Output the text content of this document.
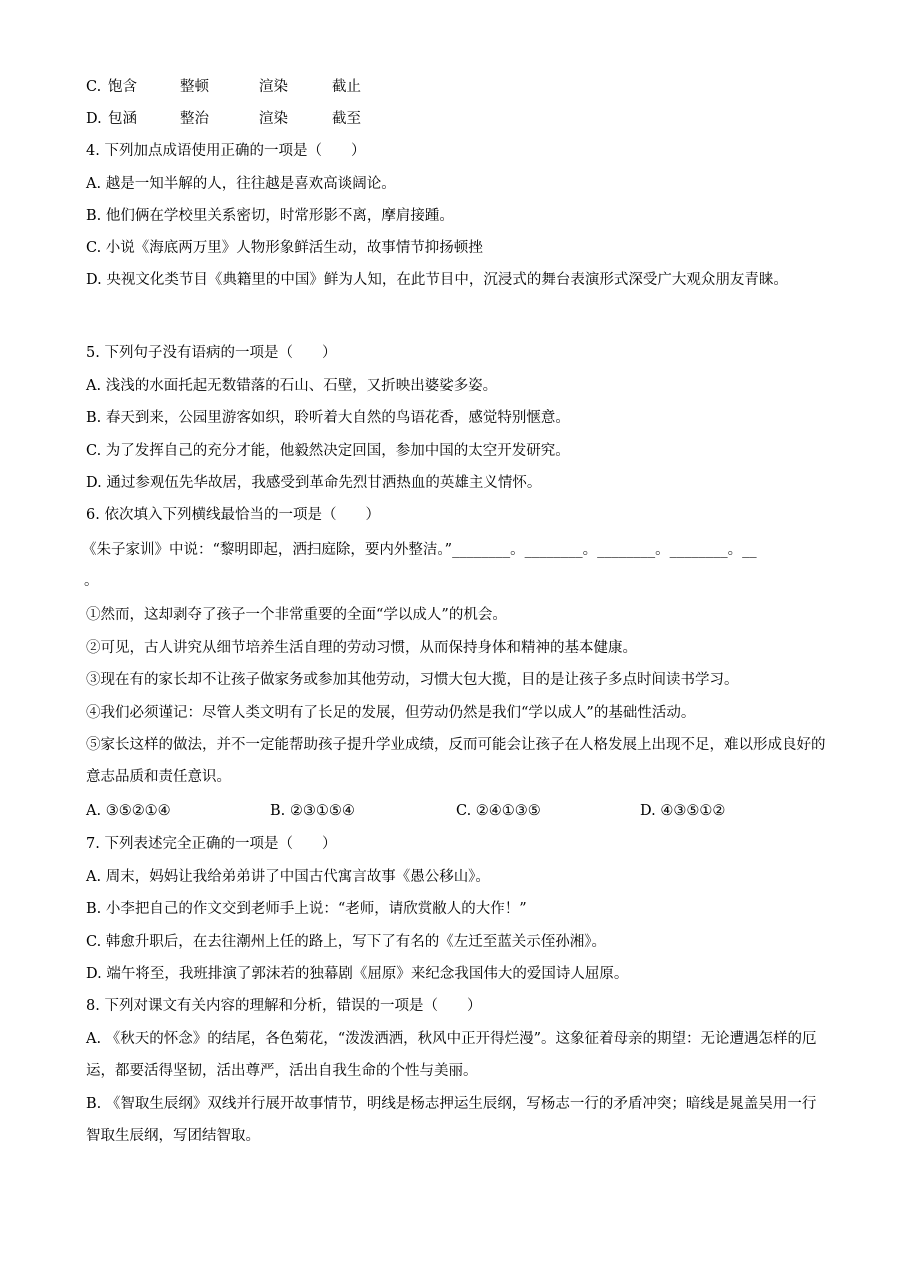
C. 饱含	整顿	渲染	截止
D. 包涵	整治	渲染	截至
4. 下列加点成语使用正确的一项是（　　）
A. 越是一知半解的人，往往越是喜欢高谈阔论。
B. 他们俩在学校里关系密切，时常形影不离，摩肩接踵。
C. 小说《海底两万里》人物形象鲜活生动，故事情节抑扬顿挫
D. 央视文化类节目《典籍里的中国》鲜为人知，在此节目中，沉浸式的舞台表演形式深受广大观众朋友青睐。
5. 下列句子没有语病的一项是（　　）
A. 浅浅的水面托起无数错落的石山、石壁，又折映出婆娑多姿。
B. 春天到来，公园里游客如织，聆听着大自然的鸟语花香，感觉特别惬意。
C. 为了发挥自己的充分才能，他毅然决定回国，参加中国的太空开发研究。
D. 通过参观伍先华故居，我感受到革命先烈甘洒热血的英雄主义情怀。
6. 依次填入下列横线最恰当的一项是（　　）
《朱子家训》中说：“黎明即起，洒扫庭除，要内外整洁。”________。________。________。________。__
。
①然而，这却剥夺了孩子一个非常重要的全面“学以成人”的机会。
②可见，古人讲究从细节培养生活自理的劳动习惯，从而保持身体和精神的基本健康。
③现在有的家长却不让孩子做家务或参加其他劳动，习惯大包大揽，目的是让孩子多点时间读书学习。
④我们必须谨记：尽管人类文明有了长足的发展，但劳动仍然是我们“学以成人”的基础性活动。
⑤家长这样的做法，并不一定能帮助孩子提升学业成绩，反而可能会让孩子在人格发展上出现不足，难以形成良好的意志品质和责任意识。
A. ③⑤②①④	B. ②③①⑤④	C. ②④①③⑤	D. ④③⑤①②
7. 下列表述完全正确的一项是（　　）
A. 周末，妈妈让我给弟弟讲了中国古代寓言故事《愚公移山》。
B. 小李把自己的作文交到老师手上说：“老师，请欣赏敝人的大作！”
C. 韩愈升职后，在去往潮州上任的路上，写下了有名的《左迁至蓝关示侄孙湘》。
D. 端午将至，我班排演了郭沫若的独幕剧《屈原》来纪念我国伟大的爱国诗人屈原。
8. 下列对课文有关内容的理解和分析，错误的一项是（　　）
A. 《秋天的怀念》的结尾，各色菊花，“泼泼洒洒，秋风中正开得烂漫”。这象征着母亲的期望：无论遭遇怎样的厄运，都要活得坚韧，活出尊严，活出自我生命的个性与美丽。
B. 《智取生辰纲》双线并行展开故事情节，明线是杨志押运生辰纲，写杨志一行的矛盾冲突；暗线是晁盖吴用一行智取生辰纲，写团结智取。
